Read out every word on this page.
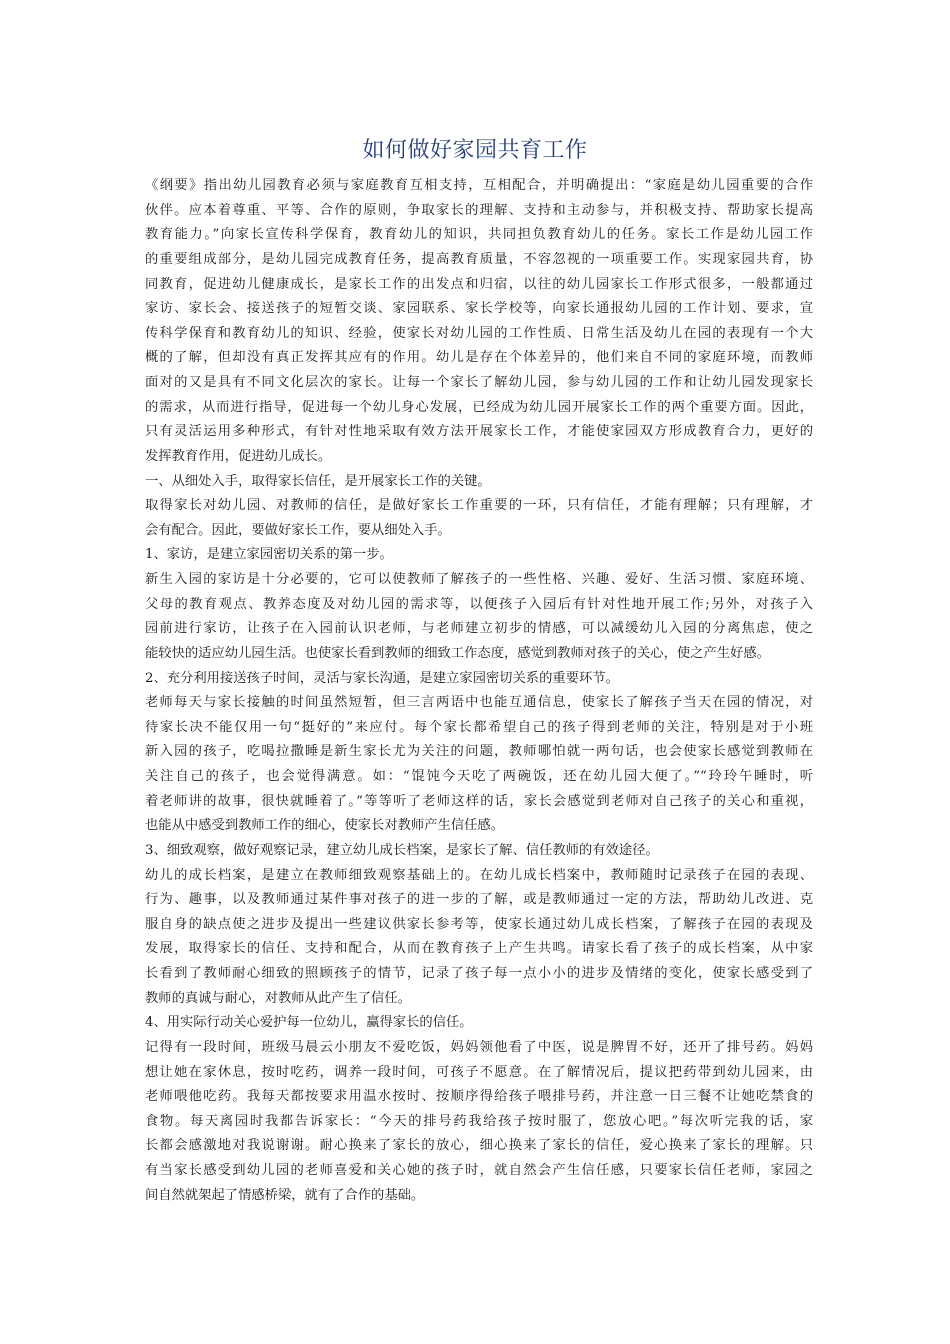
如何做好家园共育工作
《纲要》指出幼儿园教育必须与家庭教育互相支持，互相配合，并明确提出：“家庭是幼儿园重要的合作
伙伴。应本着尊重、平等、合作的原则，争取家长的理解、支持和主动参与，并积极支持、帮助家长提高
教育能力。”向家长宣传科学保育，教育幼儿的知识，共同担负教育幼儿的任务。家长工作是幼儿园工作
的重要组成部分，是幼儿园完成教育任务，提高教育质量，不容忽视的一项重要工作。实现家园共育，协
同教育，促进幼儿健康成长，是家长工作的出发点和归宿，以往的幼儿园家长工作形式很多，一般都通过
家访、家长会、接送孩子的短暂交谈、家园联系、家长学校等，向家长通报幼儿园的工作计划、要求，宣
传科学保育和教育幼儿的知识、经验，使家长对幼儿园的工作性质、日常生活及幼儿在园的表现有一个大
概的了解，但却没有真正发挥其应有的作用。幼儿是存在个体差异的，他们来自不同的家庭环境，而教师
面对的又是具有不同文化层次的家长。让每一个家长了解幼儿园，参与幼儿园的工作和让幼儿园发现家长
的需求，从而进行指导，促进每一个幼儿身心发展，已经成为幼儿园开展家长工作的两个重要方面。因此，
只有灵活运用多种形式，有针对性地采取有效方法开展家长工作，才能使家园双方形成教育合力，更好的
发挥教育作用，促进幼儿成长。
一、从细处入手，取得家长信任，是开展家长工作的关键。
取得家长对幼儿园、对教师的信任，是做好家长工作重要的一环，只有信任，才能有理解；只有理解，才
会有配合。因此，要做好家长工作，要从细处入手。
1、家访，是建立家园密切关系的第一步。
新生入园的家访是十分必要的，它可以使教师了解孩子的一些性格、兴趣、爱好、生活习惯、家庭环境、
父母的教育观点、教养态度及对幼儿园的需求等，以便孩子入园后有针对性地开展工作;另外，对孩子入
园前进行家访，让孩子在入园前认识老师，与老师建立初步的情感，可以减缓幼儿入园的分离焦虑，使之
能较快的适应幼儿园生活。也使家长看到教师的细致工作态度，感觉到教师对孩子的关心，使之产生好感。
2、充分利用接送孩子时间，灵活与家长沟通，是建立家园密切关系的重要环节。
老师每天与家长接触的时间虽然短暂，但三言两语中也能互通信息，使家长了解孩子当天在园的情况，对
待家长决不能仅用一句“挺好的”来应付。每个家长都希望自己的孩子得到老师的关注，特别是对于小班
新入园的孩子，吃喝拉撒睡是新生家长尤为关注的问题，教师哪怕就一两句话，也会使家长感觉到教师在
关注自己的孩子，也会觉得满意。如：“馄饨今天吃了两碗饭，还在幼儿园大便了。”“玲玲午睡时，听
着老师讲的故事，很快就睡着了。”等等听了老师这样的话，家长会感觉到老师对自己孩子的关心和重视，
也能从中感受到教师工作的细心，使家长对教师产生信任感。
3、细致观察，做好观察记录，建立幼儿成长档案，是家长了解、信任教师的有效途径。
幼儿的成长档案，是建立在教师细致观察基础上的。在幼儿成长档案中，教师随时记录孩子在园的表现、
行为、趣事，以及教师通过某件事对孩子的进一步的了解，或是教师通过一定的方法，帮助幼儿改进、克
服自身的缺点使之进步及提出一些建议供家长参考等，使家长通过幼儿成长档案，了解孩子在园的表现及
发展，取得家长的信任、支持和配合，从而在教育孩子上产生共鸣。请家长看了孩子的成长档案，从中家
长看到了教师耐心细致的照顾孩子的情节，记录了孩子每一点小小的进步及情绪的变化，使家长感受到了
教师的真诚与耐心，对教师从此产生了信任。
4、用实际行动关心爱护每一位幼儿，赢得家长的信任。
记得有一段时间，班级马晨云小朋友不爱吃饭，妈妈领他看了中医，说是脾胃不好，还开了排号药。妈妈
想让她在家休息，按时吃药，调养一段时间，可孩子不愿意。在了解情况后，提议把药带到幼儿园来，由
老师喂他吃药。我每天都按要求用温水按时、按顺序得给孩子喂排号药，并注意一日三餐不让她吃禁食的
食物。每天离园时我都告诉家长：“今天的排号药我给孩子按时服了，您放心吧。”每次听完我的话，家
长都会感激地对我说谢谢。耐心换来了家长的放心，细心换来了家长的信任，爱心换来了家长的理解。只
有当家长感受到幼儿园的老师喜爱和关心她的孩子时，就自然会产生信任感，只要家长信任老师，家园之
间自然就架起了情感桥梁，就有了合作的基础。
